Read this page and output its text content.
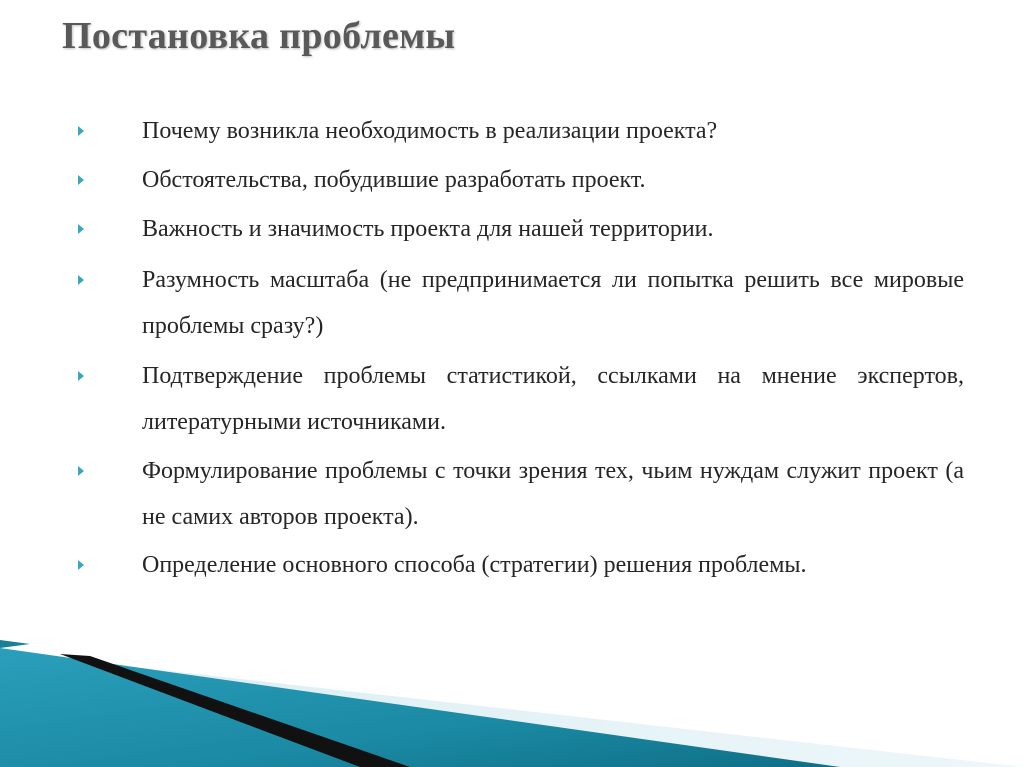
Постановка проблемы
Почему возникла необходимость в реализации проекта?
Обстоятельства, побудившие разработать проект.
Важность и значимость проекта для нашей территории.
Разумность масштаба (не предпринимается ли попытка решить все мировые проблемы сразу?)
Подтверждение проблемы статистикой, ссылками на мнение экспертов, литературными источниками.
Формулирование проблемы с точки зрения тех, чьим нуждам служит проект (а не самих авторов проекта).
Определение основного способа (стратегии) решения проблемы.
